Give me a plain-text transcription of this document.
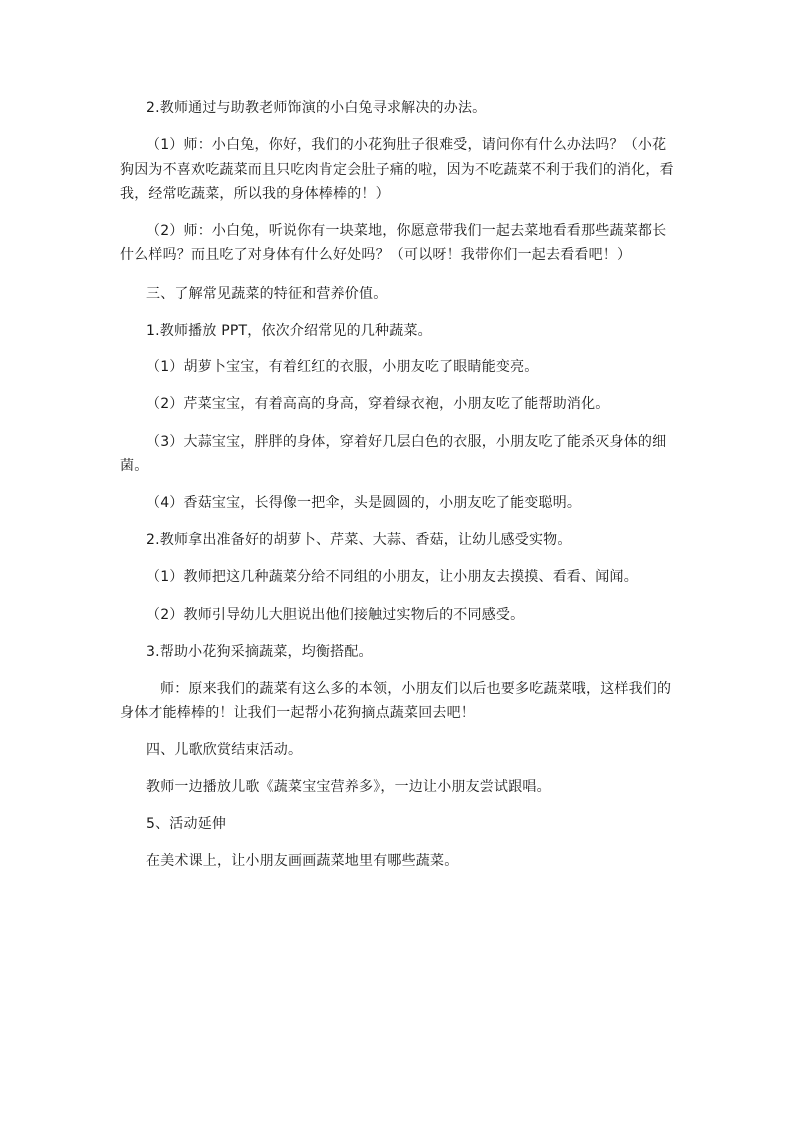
2.教师通过与助教老师饰演的小白兔寻求解决的办法。
（1）师：小白兔，你好，我们的小花狗肚子很难受，请问你有什么办法吗？（小花
狗因为不喜欢吃蔬菜而且只吃肉肯定会肚子痛的啦，因为不吃蔬菜不利于我们的消化，看
我，经常吃蔬菜，所以我的身体棒棒的！）
（2）师：小白兔，听说你有一块菜地，你愿意带我们一起去菜地看看那些蔬菜都长
什么样吗？而且吃了对身体有什么好处吗？（可以呀！我带你们一起去看看吧！）
三、了解常见蔬菜的特征和营养价值。
1.教师播放 PPT，依次介绍常见的几种蔬菜。
（1）胡萝卜宝宝，有着红红的衣服，小朋友吃了眼睛能变亮。
（2）芹菜宝宝，有着高高的身高，穿着绿衣袍，小朋友吃了能帮助消化。
（3）大蒜宝宝，胖胖的身体，穿着好几层白色的衣服，小朋友吃了能杀灭身体的细
菌。
（4）香菇宝宝，长得像一把伞，头是圆圆的，小朋友吃了能变聪明。
2.教师拿出准备好的胡萝卜、芹菜、大蒜、香菇，让幼儿感受实物。
（1）教师把这几种蔬菜分给不同组的小朋友，让小朋友去摸摸、看看、闻闻。
（2）教师引导幼儿大胆说出他们接触过实物后的不同感受。
3.帮助小花狗采摘蔬菜，均衡搭配。
师：原来我们的蔬菜有这么多的本领，小朋友们以后也要多吃蔬菜哦，这样我们的
身体才能棒棒的！让我们一起帮小花狗摘点蔬菜回去吧！
四、儿歌欣赏结束活动。
教师一边播放儿歌《蔬菜宝宝营养多》，一边让小朋友尝试跟唱。
5、活动延伸
在美术课上，让小朋友画画蔬菜地里有哪些蔬菜。
